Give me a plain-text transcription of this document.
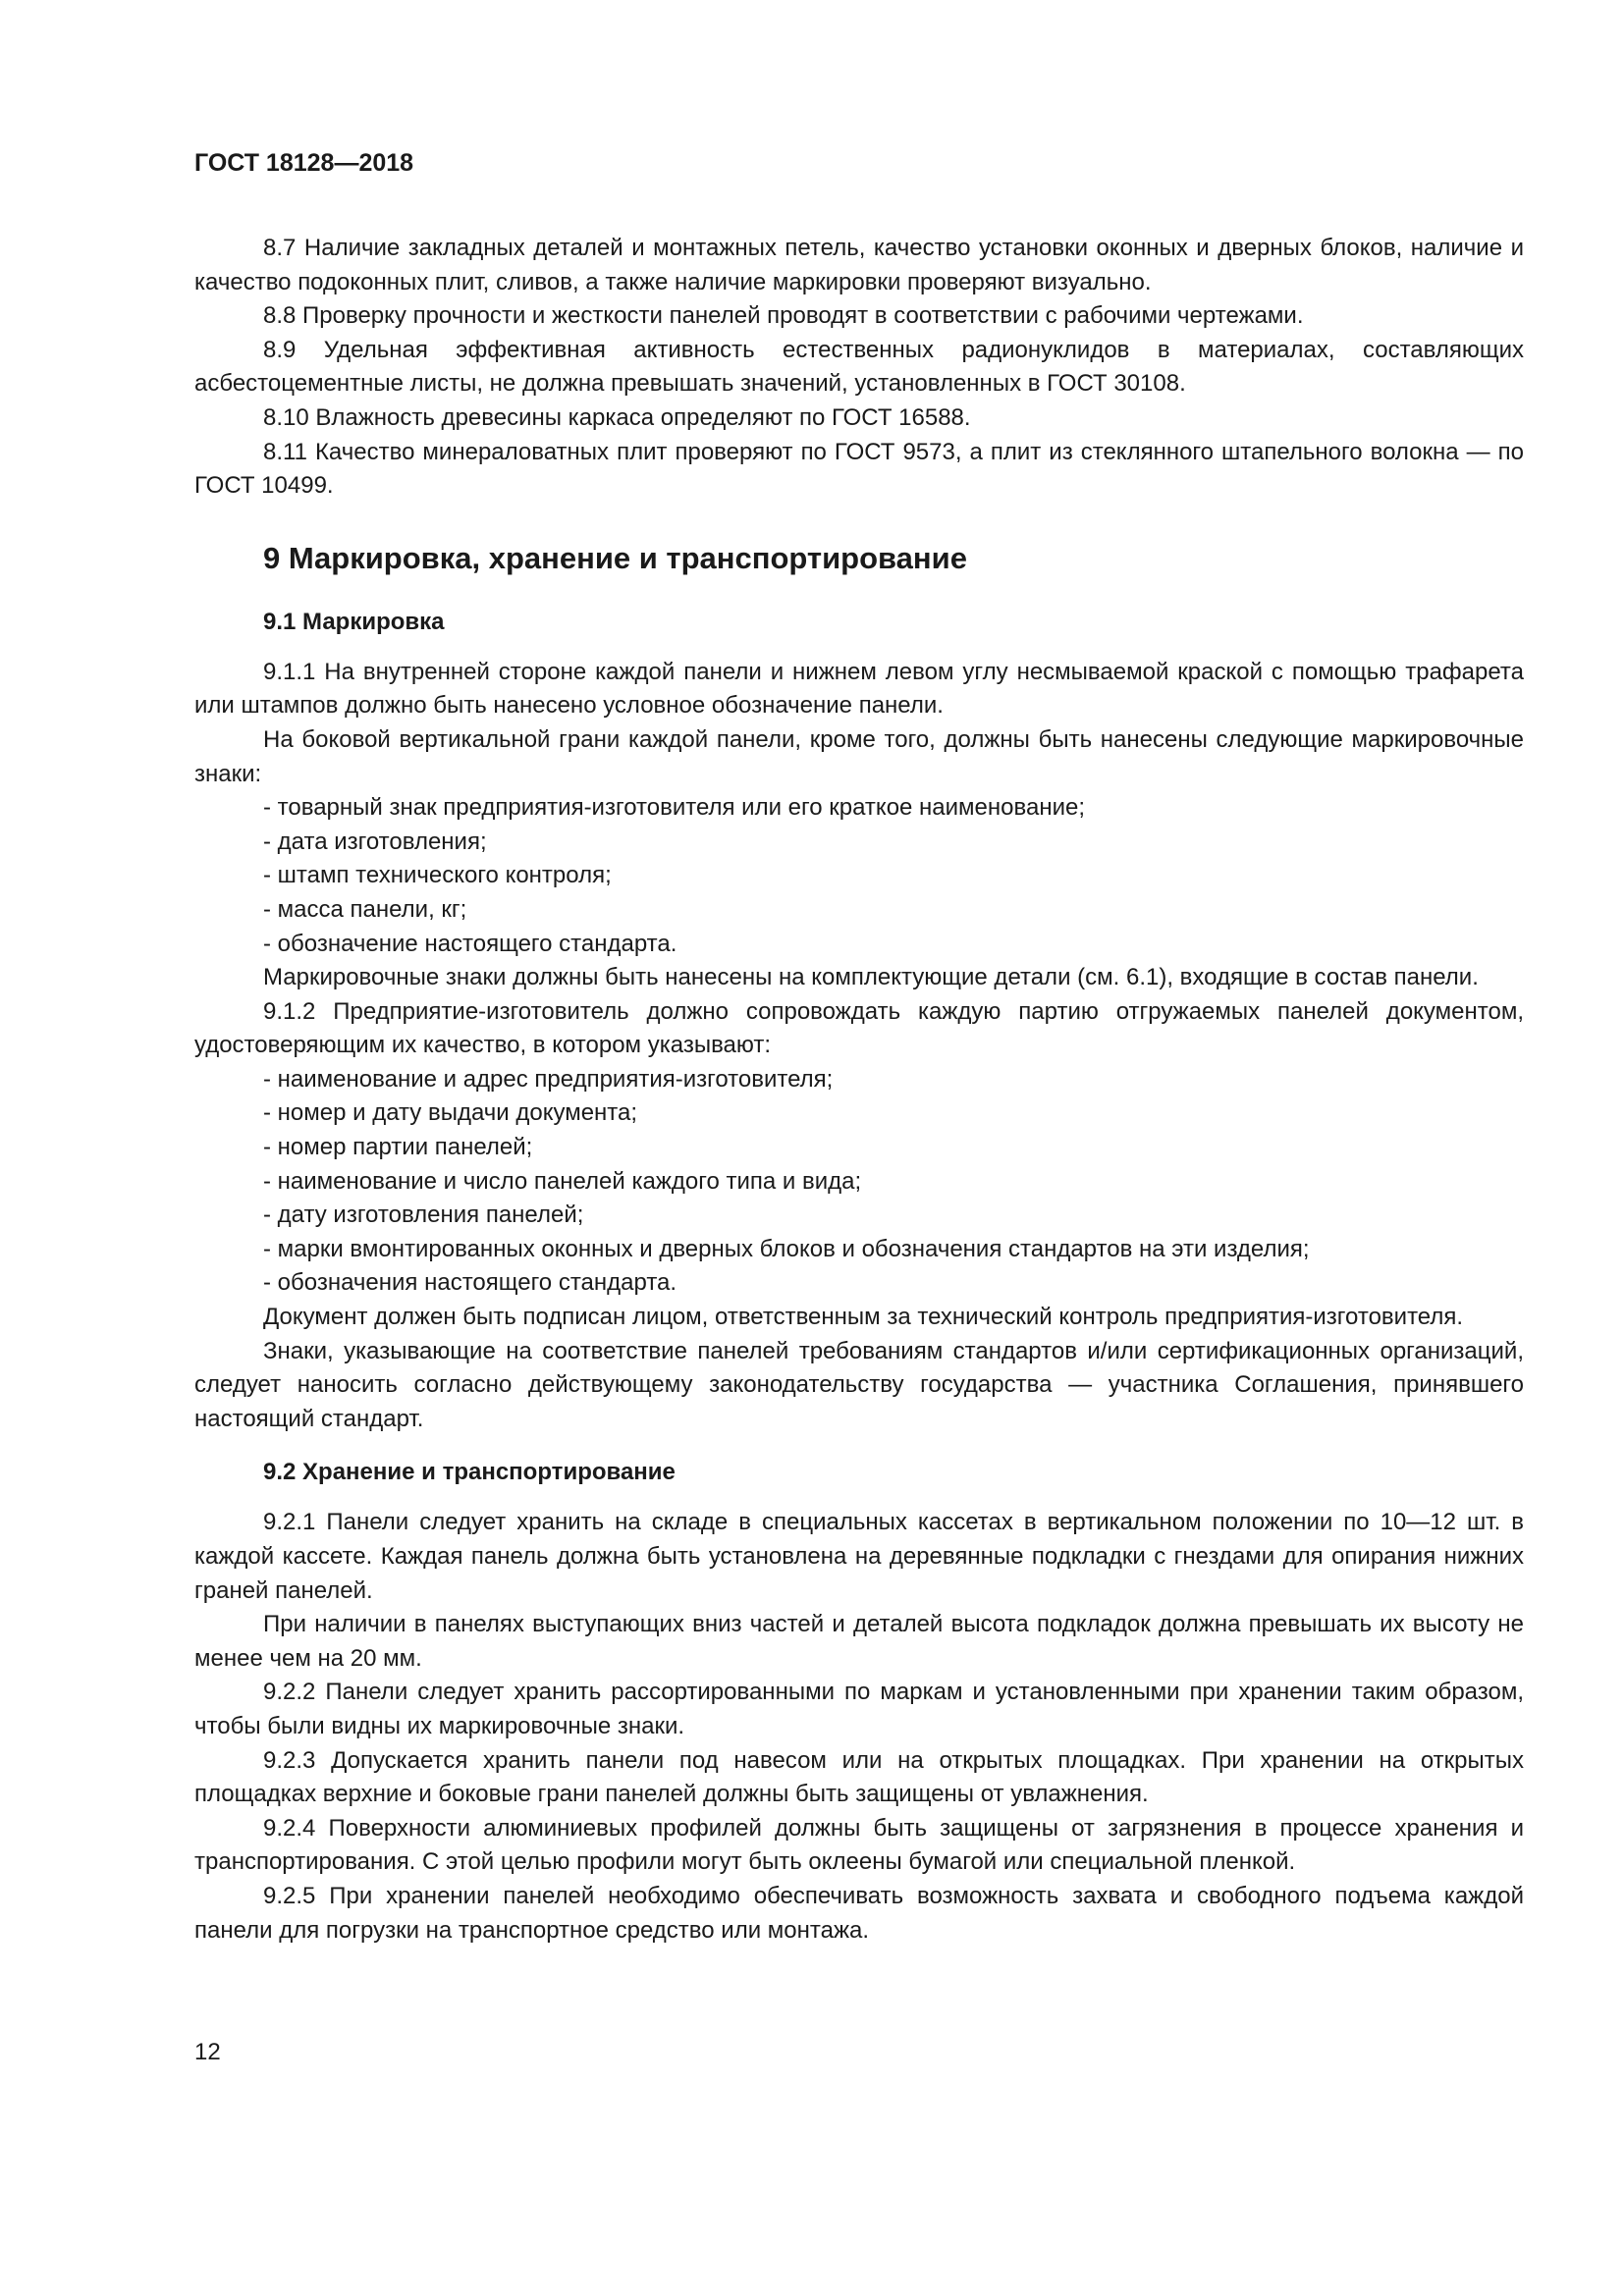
ГОСТ 18128—2018

8.7 Наличие закладных деталей и монтажных петель, качество установки оконных и дверных блоков, наличие и качество подоконных плит, сливов, а также наличие маркировки проверяют визуально.

8.8 Проверку прочности и жесткости панелей проводят в соответствии с рабочими чертежами.

8.9 Удельная эффективная активность естественных радионуклидов в материалах, составляющих асбестоцементные листы, не должна превышать значений, установленных в ГОСТ 30108.

8.10 Влажность древесины каркаса определяют по ГОСТ 16588.

8.11 Качество минераловатных плит проверяют по ГОСТ 9573, а плит из стеклянного штапельного волокна — по ГОСТ 10499.

9 Маркировка, хранение и транспортирование
9.1 Маркировка

9.1.1 На внутренней стороне каждой панели и нижнем левом углу несмываемой краской с помощью трафарета или штампов должно быть нанесено условное обозначение панели.

На боковой вертикальной грани каждой панели, кроме того, должны быть нанесены следующие маркировочные знаки:

- товарный знак предприятия-изготовителя или его краткое наименование;

- дата изготовления;

- штамп технического контроля;

- масса панели, кг;

- обозначение настоящего стандарта.

Маркировочные знаки должны быть нанесены на комплектующие детали (см. 6.1), входящие в состав панели.

9.1.2 Предприятие-изготовитель должно сопровождать каждую партию отгружаемых панелей документом, удостоверяющим их качество, в котором указывают:

- наименование и адрес предприятия-изготовителя;

- номер и дату выдачи документа;

- номер партии панелей;

- наименование и число панелей каждого типа и вида;

- дату изготовления панелей;

- марки вмонтированных оконных и дверных блоков и обозначения стандартов на эти изделия;

- обозначения настоящего стандарта.

Документ должен быть подписан лицом, ответственным за технический контроль предприятия-изготовителя.

Знаки, указывающие на соответствие панелей требованиям стандартов и/или сертификационных организаций, следует наносить согласно действующему законодательству государства — участника Соглашения, принявшего настоящий стандарт.

9.2 Хранение и транспортирование

9.2.1 Панели следует хранить на складе в специальных кассетах в вертикальном положении по 10—12 шт. в каждой кассете. Каждая панель должна быть установлена на деревянные подкладки с гнездами для опирания нижних граней панелей.

При наличии в панелях выступающих вниз частей и деталей высота подкладок должна превышать их высоту не менее чем на 20 мм.

9.2.2 Панели следует хранить рассортированными по маркам и установленными при хранении таким образом, чтобы были видны их маркировочные знаки.

9.2.3 Допускается хранить панели под навесом или на открытых площадках. При хранении на открытых площадках верхние и боковые грани панелей должны быть защищены от увлажнения.

9.2.4 Поверхности алюминиевых профилей должны быть защищены от загрязнения в процессе хранения и транспортирования. С этой целью профили могут быть оклеены бумагой или специальной пленкой.

9.2.5 При хранении панелей необходимо обеспечивать возможность захвата и свободного подъема каждой панели для погрузки на транспортное средство или монтажа.

12
